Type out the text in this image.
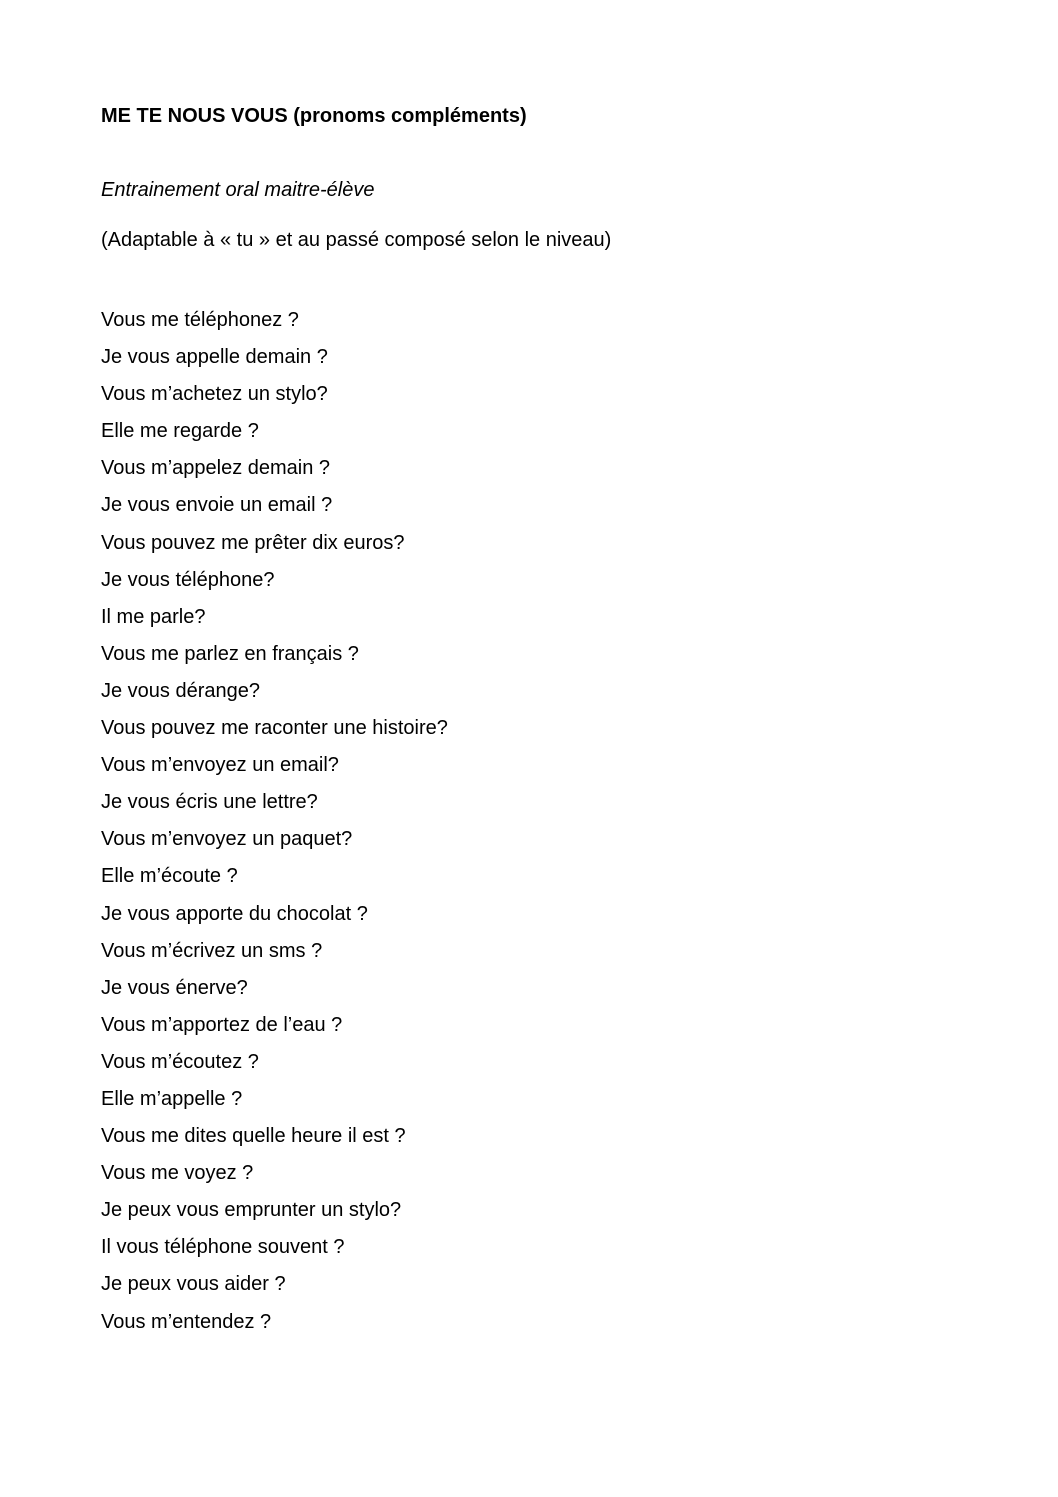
ME TE NOUS VOUS (pronoms compléments)

Entrainement oral maitre-élève

(Adaptable à « tu » et au passé composé selon le niveau)

Vous me téléphonez ?
Je vous appelle demain ?
Vous m’achetez un stylo?
Elle me regarde ?
Vous m’appelez demain ?
Je vous envoie un email ?
Vous pouvez me prêter dix euros?
Je vous téléphone?
Il me parle?
Vous me parlez en français ?
Je vous dérange?
Vous pouvez me raconter une histoire?
Vous m’envoyez un email?
Je vous écris une lettre?
Vous m’envoyez un paquet?
Elle m’écoute ?
Je vous apporte du chocolat ?
Vous m’écrivez un sms ?
Je vous énerve?
Vous m’apportez de l’eau ?
Vous m’écoutez ?
Elle m’appelle ?
Vous me dites quelle heure il est ?
Vous me voyez ?
Je peux vous emprunter un stylo?
Il vous téléphone souvent ?
Je peux vous aider ?
Vous m’entendez ?
